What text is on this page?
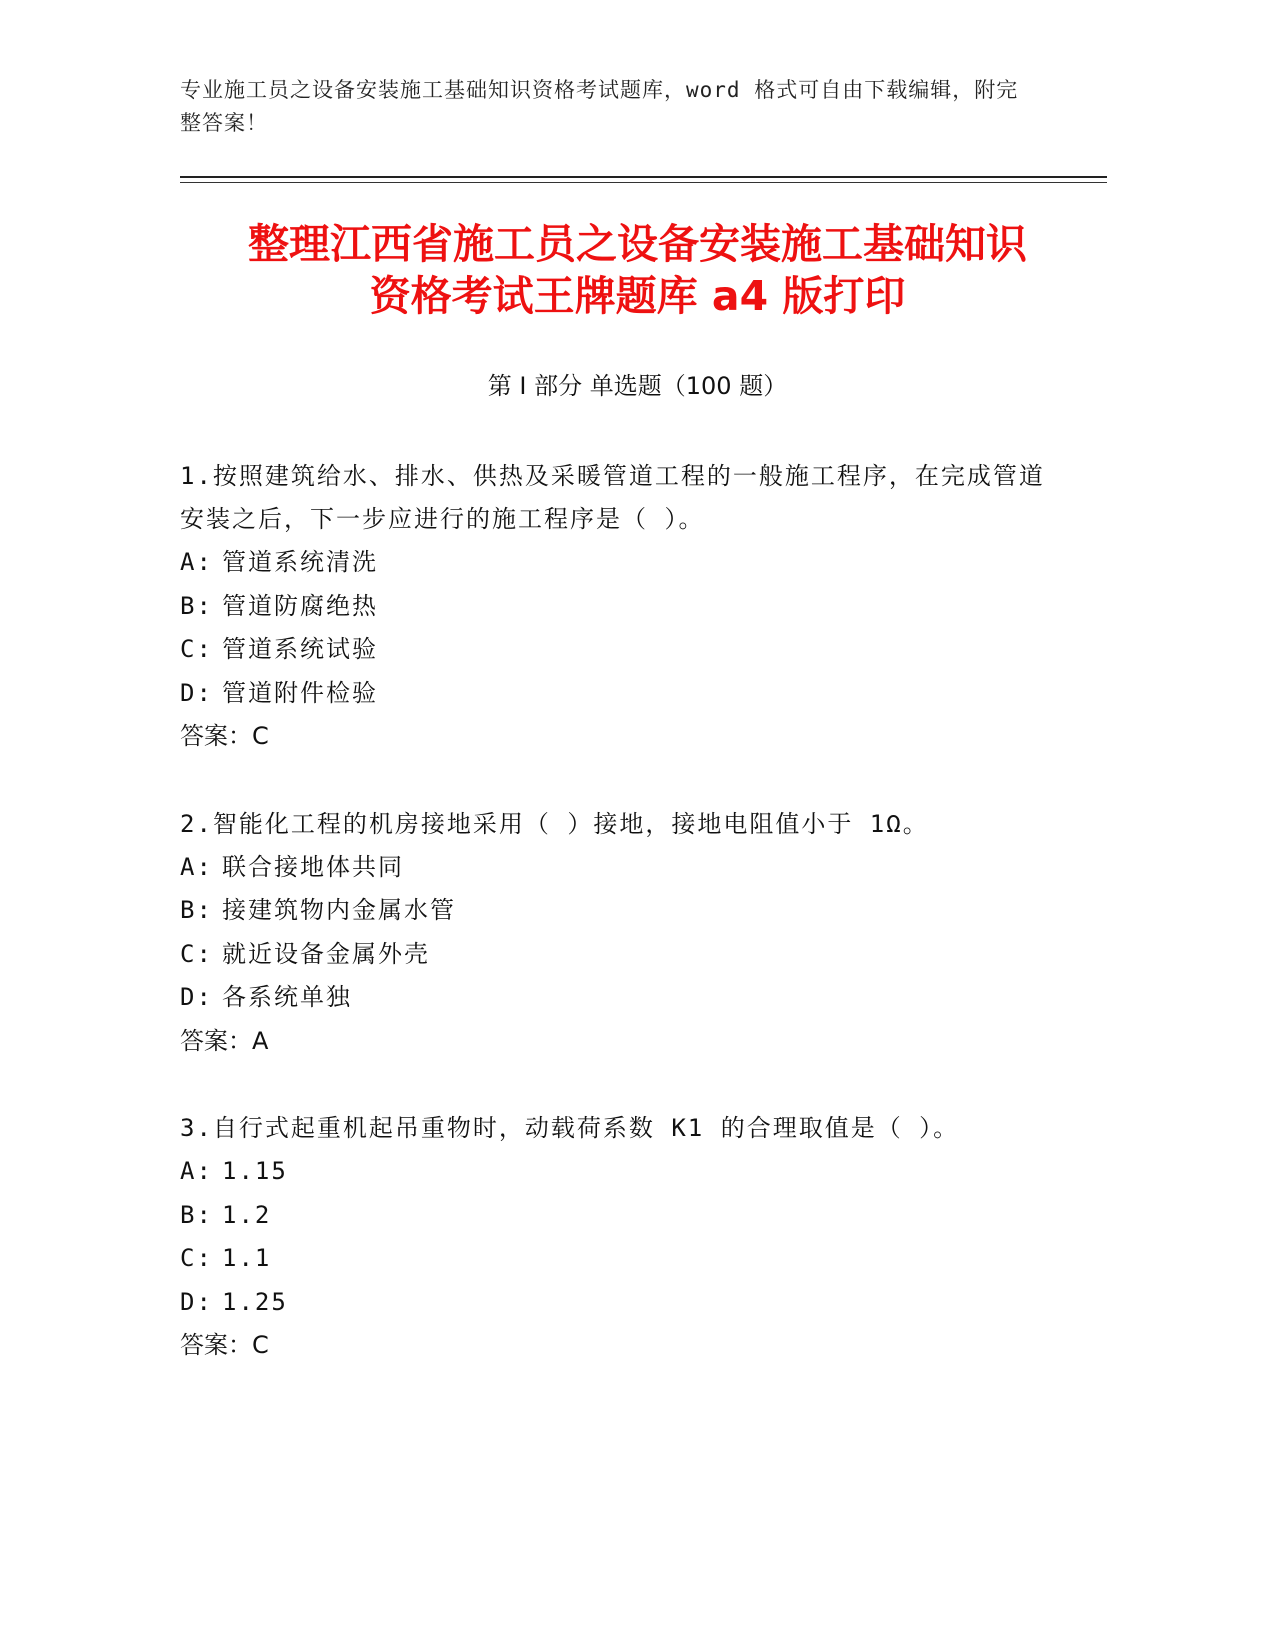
专业施工员之设备安装施工基础知识资格考试题库，word 格式可自由下载编辑，附完整答案！
整理江西省施工员之设备安装施工基础知识
资格考试王牌题库 a4 版打印
第 I 部分 单选题（100 题）
1.按照建筑给水、排水、供热及采暖管道工程的一般施工程序，在完成管道安装之后，下一步应进行的施工程序是（ ）。
A: 管道系统清洗
B: 管道防腐绝热
C: 管道系统试验
D: 管道附件检验
答案：C
2.智能化工程的机房接地采用（ ）接地，接地电阻值小于 1Ω。
A: 联合接地体共同
B: 接建筑物内金属水管
C: 就近设备金属外壳
D: 各系统单独
答案：A
3.自行式起重机起吊重物时，动载荷系数 K1 的合理取值是（ ）。
A: 1.15
B: 1.2
C: 1.1
D: 1.25
答案：C
